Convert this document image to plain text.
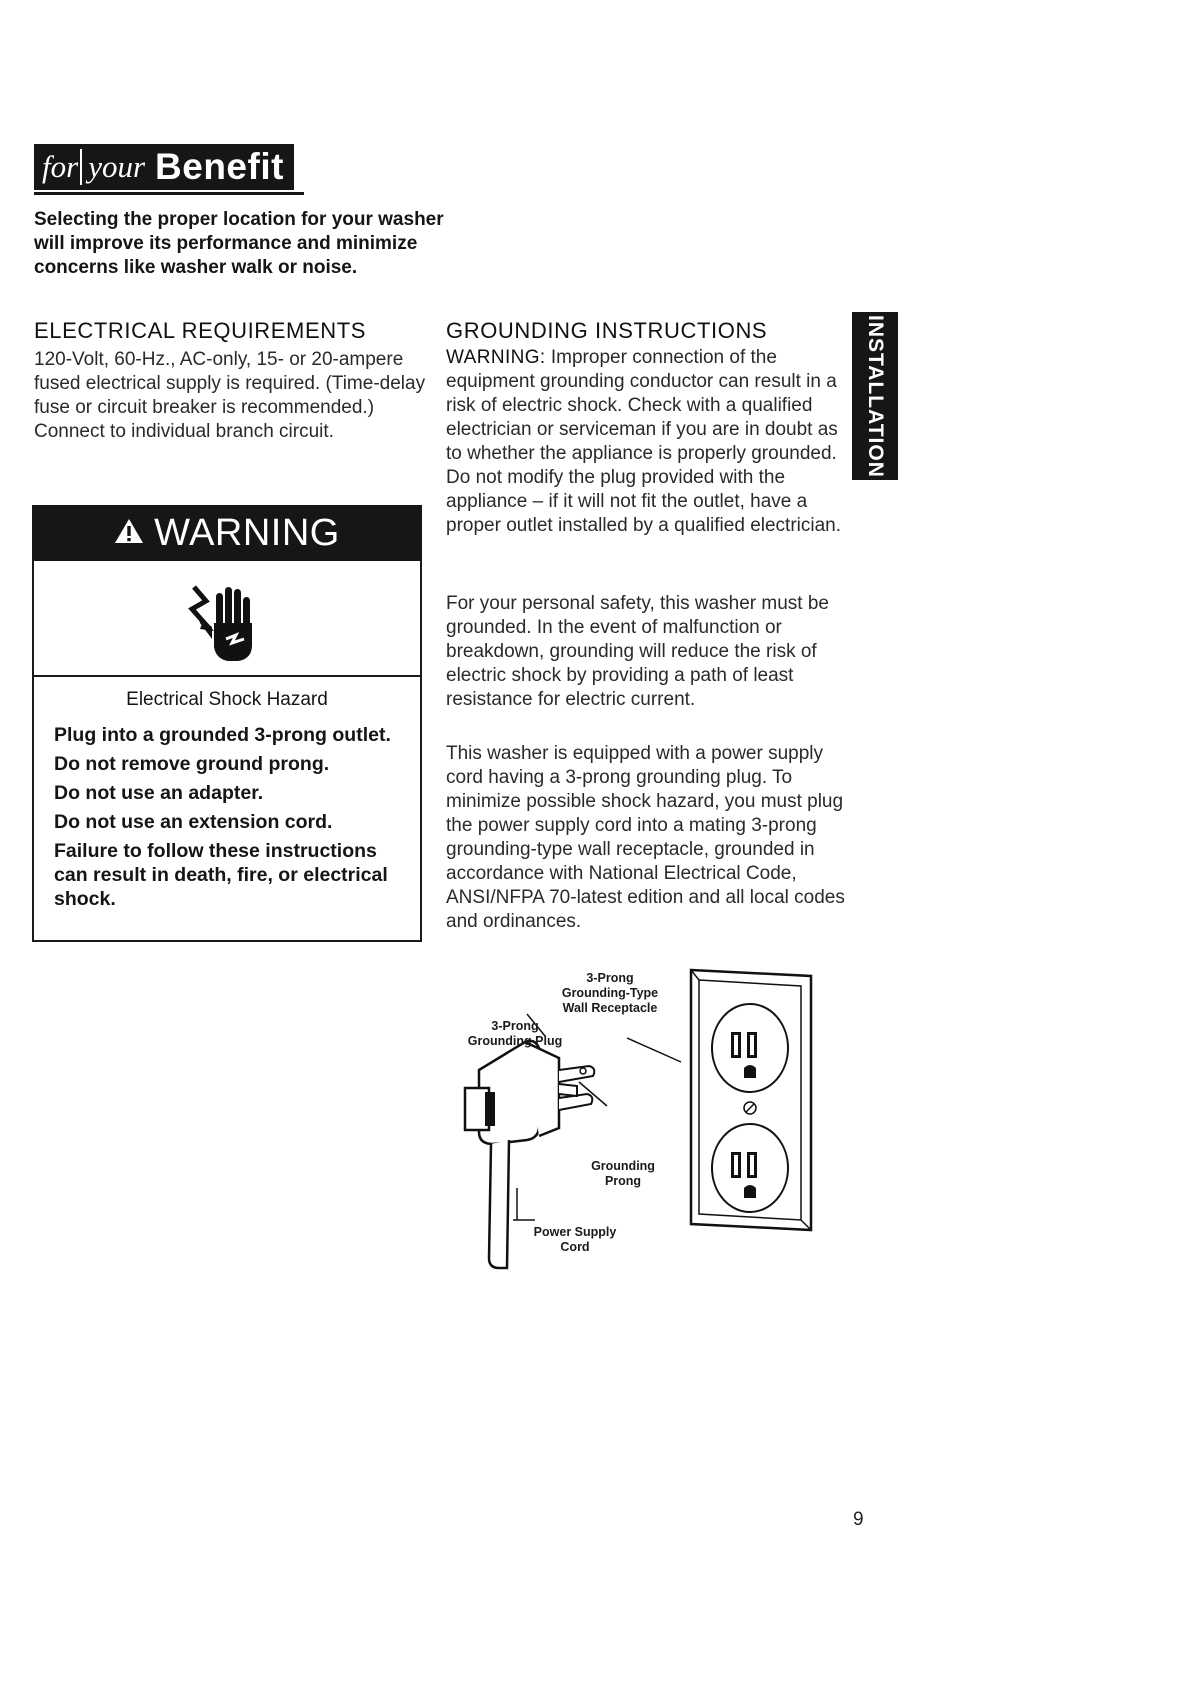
for your Benefit

Selecting the proper location for your washer will improve its performance and minimize concerns like washer walk or noise.

ELECTRICAL REQUIREMENTS

120-Volt, 60-Hz., AC-only, 15- or 20-ampere fused electrical supply is required. (Time-delay fuse or circuit breaker is recommended.) Connect to individual branch circuit.

WARNING

Electrical Shock Hazard

Plug into a grounded 3-prong outlet.
Do not remove ground prong.
Do not use an adapter.
Do not use an extension cord.
Failure to follow these instructions can result in death, fire, or electrical shock.
GROUNDING INSTRUCTIONS

WARNING: Improper connection of the equipment grounding conductor can result in a risk of electric shock. Check with a qualified electrician or serviceman if you are in doubt as to whether the appliance is properly grounded. Do not modify the plug provided with the appliance – if it will not fit the outlet, have a proper outlet installed by a qualified electrician.

For your personal safety, this washer must be grounded. In the event of malfunction or breakdown, grounding will reduce the risk of electric shock by providing a path of least resistance for electric current.

This washer is equipped with a power supply cord having a 3-prong grounding plug. To minimize possible shock hazard, you must plug the power supply cord into a mating 3-prong grounding-type wall receptacle, grounded in accordance with National Electrical Code, ANSI/NFPA 70-latest edition and all local codes and ordinances.

INSTALLATION
3-Prong
Grounding-Type
Wall Receptacle
3-Prong
Grounding Plug
Grounding
Prong
Power Supply
Cord
9
